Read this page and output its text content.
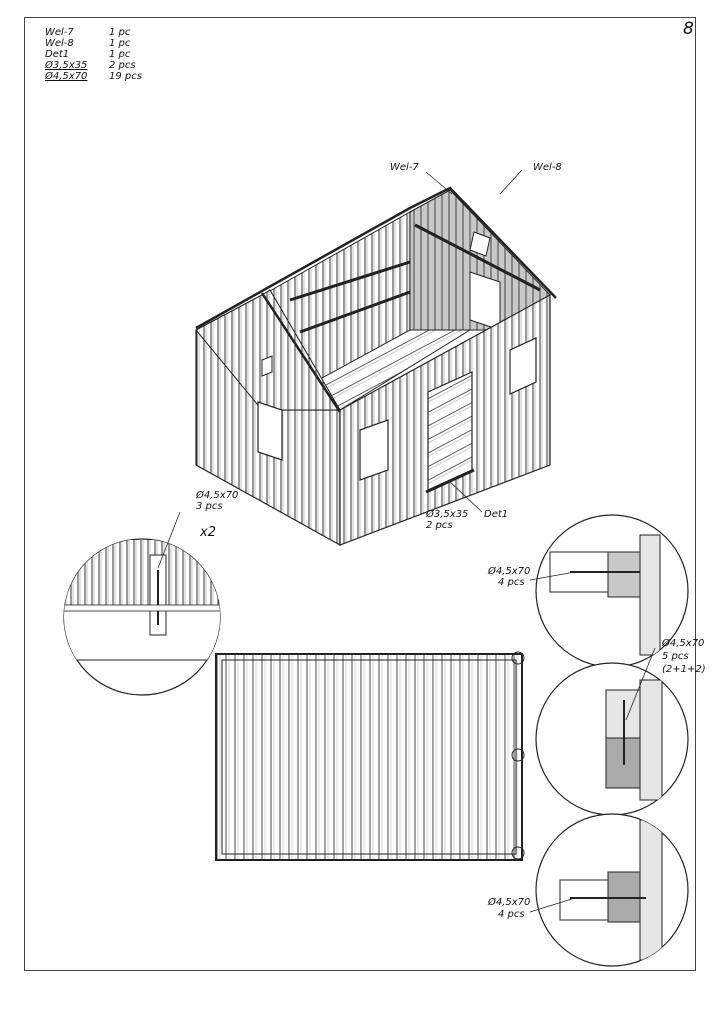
8
Wel-7	1 pc
Wel-8	1 pc
Det1	1 pc
Ø3,5x35	2 pcs
Ø4,5x70	19 pcs
Wel-7	Wel-8
Ø3,5x35
2 pcs
Det1
Ø4,5x70
3 pcs
x2
Ø4,5x70
4 pcs
Ø4,5x70
5 pcs
(2+1+2)
Ø4,5x70
4 pcs
